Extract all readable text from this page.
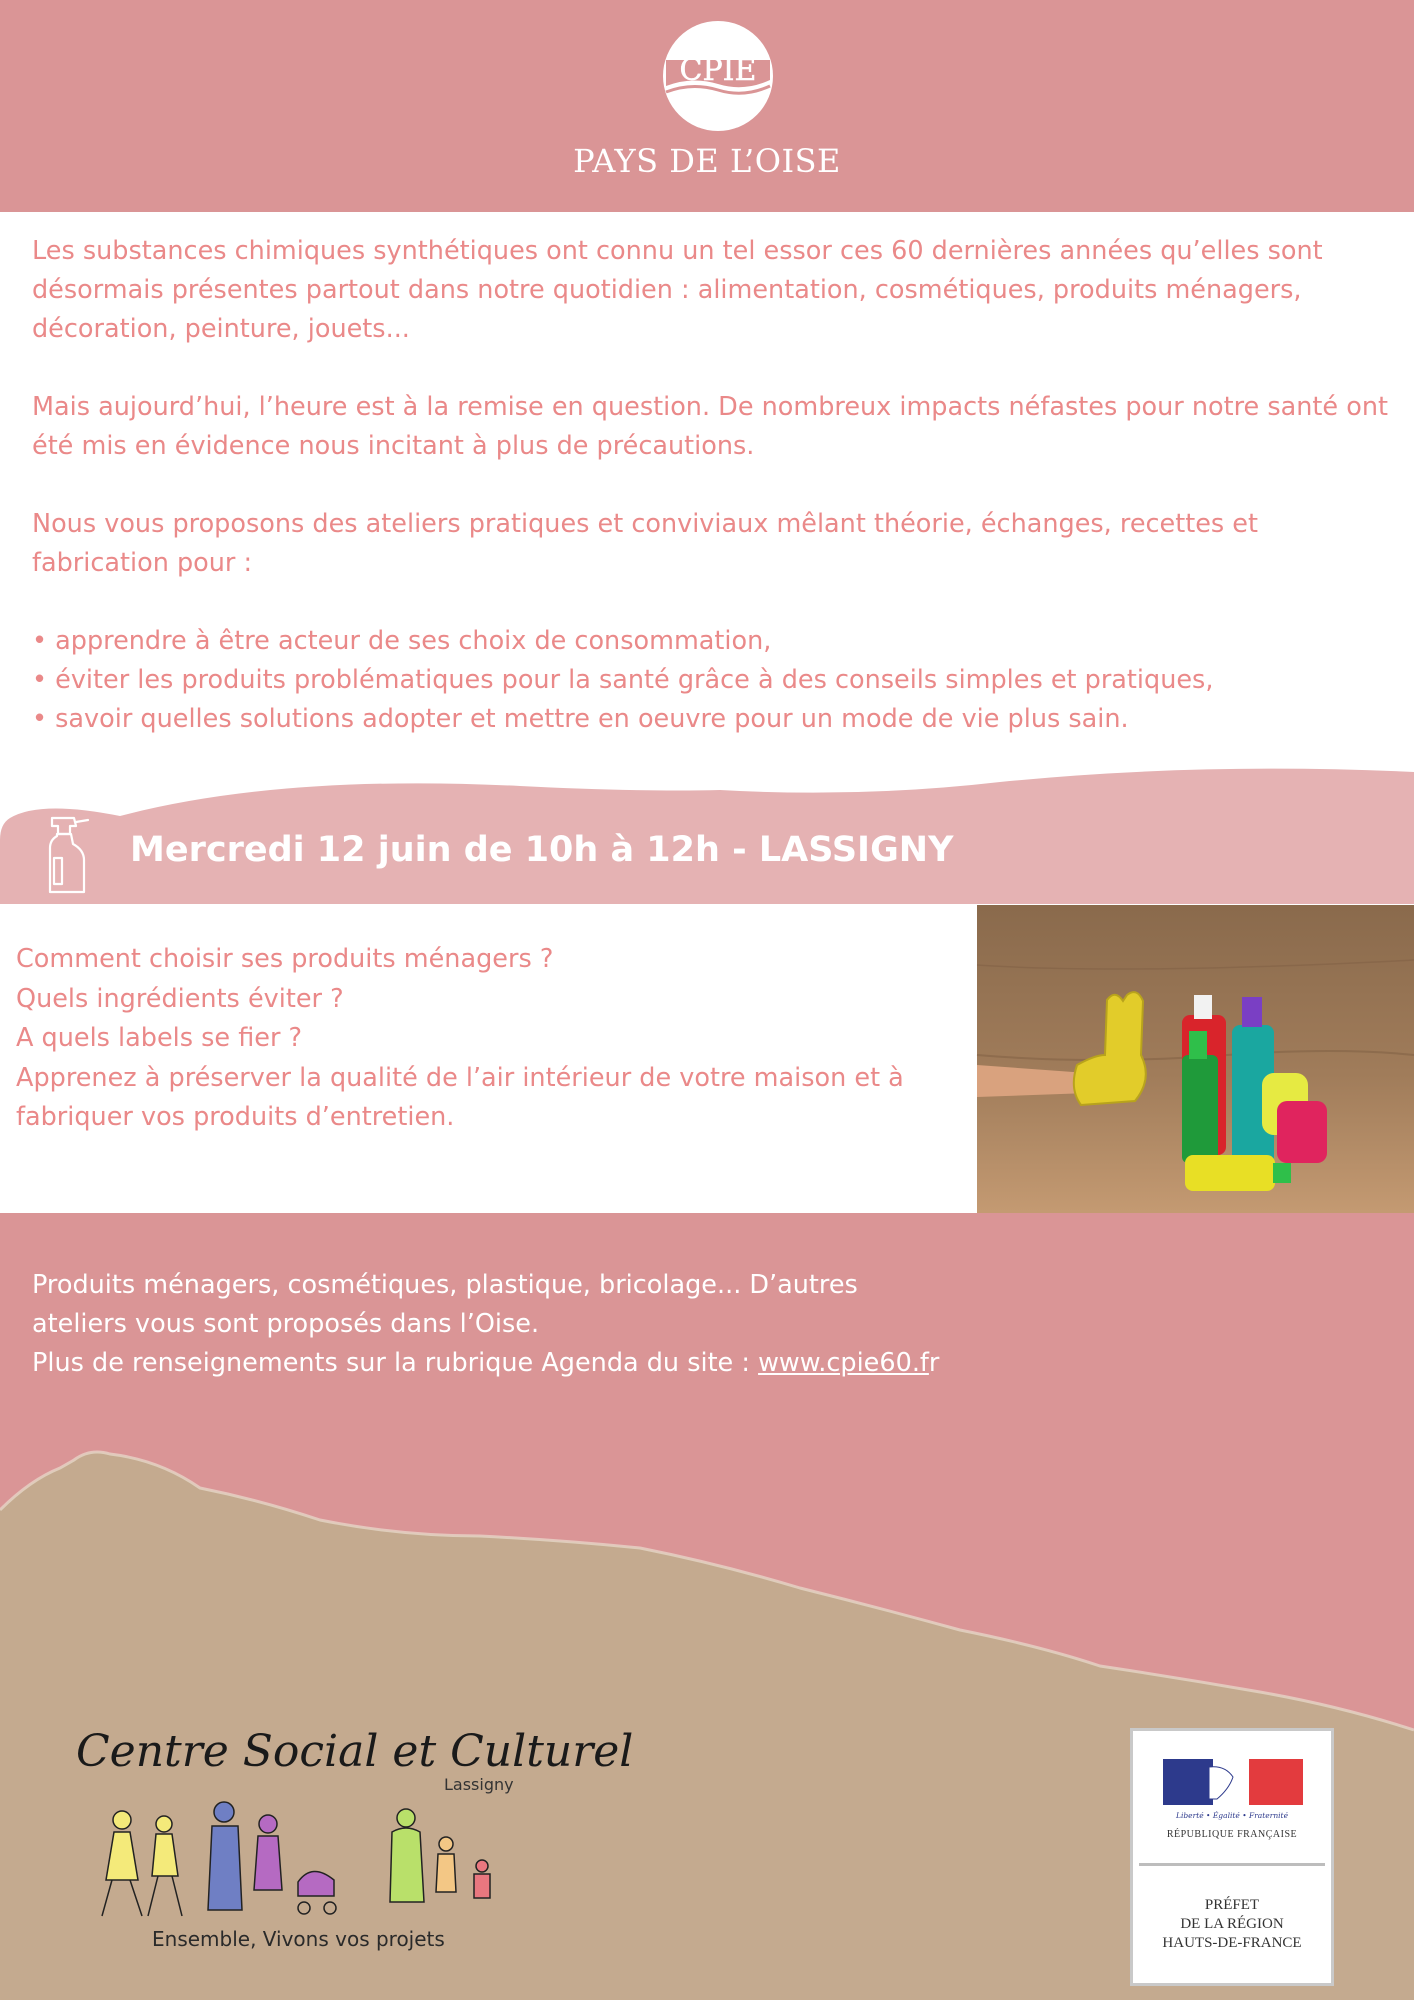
CPIE
PAYS DE L’OISE

Les substances chimiques synthétiques ont connu un tel essor ces 60 dernières années qu’elles sont désormais présentes partout dans notre quotidien : alimentation, cosmétiques, produits ménagers, décoration, peinture, jouets...

Mais aujourd’hui, l’heure est à la remise en question. De nombreux impacts néfastes pour notre santé ont été mis en évidence nous incitant à plus de précautions.

Nous vous proposons des ateliers pratiques et conviviaux mêlant théorie, échanges, recettes et fabrication pour :

• apprendre à être acteur de ses choix de consommation,
• éviter les produits problématiques pour la santé grâce à des conseils simples et pratiques,
• savoir quelles solutions adopter et mettre en oeuvre pour un mode de vie plus sain.
Mercredi 12 juin de 10h à 12h - LASSIGNY

Comment choisir ses produits ménagers ?

Quels ingrédients éviter ?

A quels labels se fier ?

Apprenez à préserver la qualité de l’air intérieur de votre maison et à

fabriquer vos produits d’entretien.

Produits ménagers, cosmétiques, plastique, bricolage... D’autres

ateliers vous sont proposés dans l’Oise.

Plus de renseignements sur la rubrique Agenda du site : www.cpie60.fr

Centre Social et Culturel
Lassigny
Ensemble, Vivons vos projets
Liberté • Égalité • Fraternité
RÉPUBLIQUE FRANÇAISE
PRÉFET
DE LA RÉGION
HAUTS-DE-FRANCE
